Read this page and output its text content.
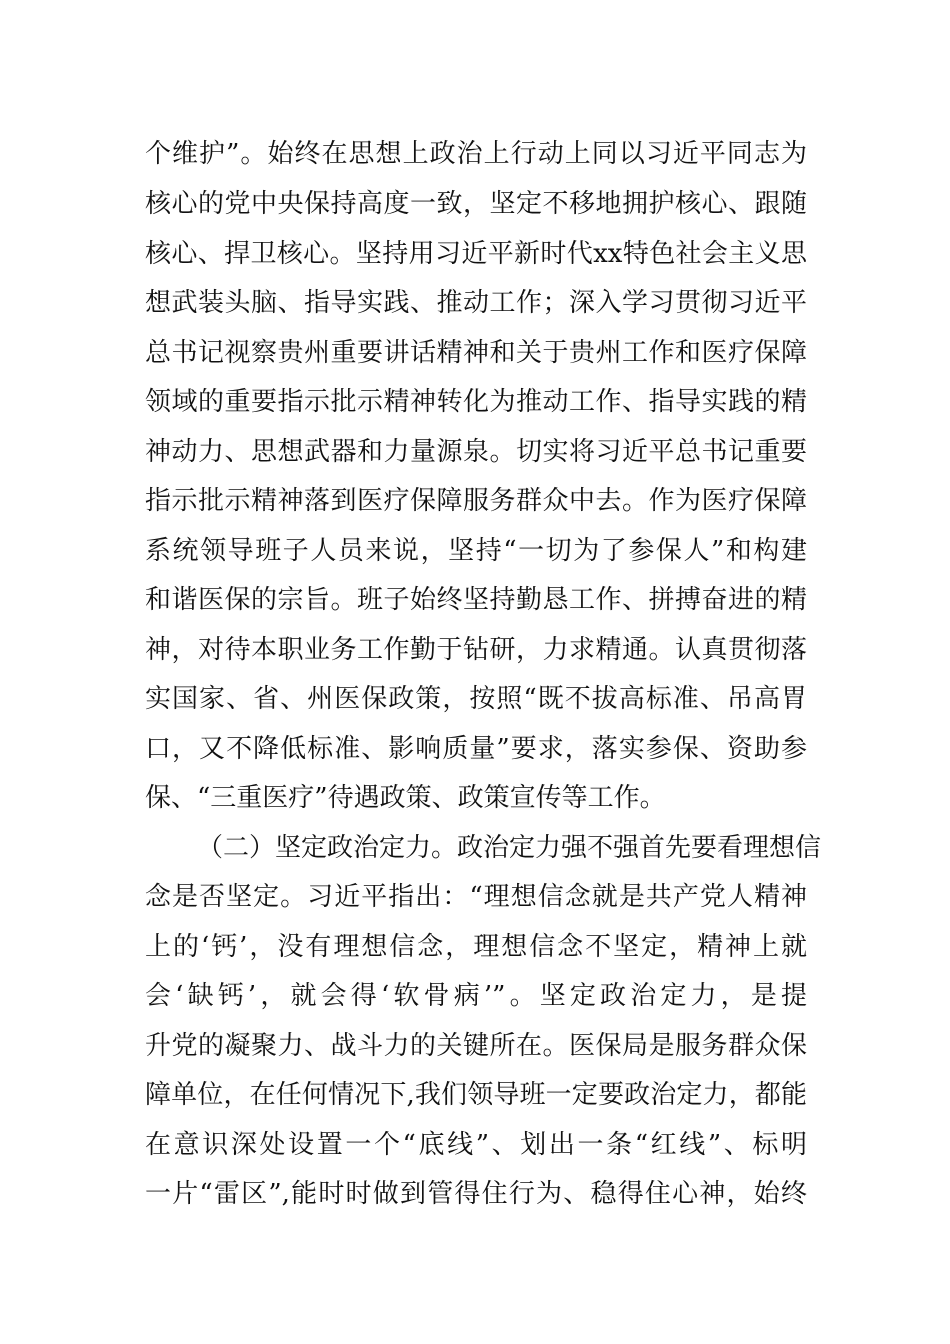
个维护”。始终在思想上政治上行动上同以习近平同志为
核心的党中央保持高度一致，坚定不移地拥护核心、跟随
核心、捍卫核心。坚持用习近平新时代xx特色社会主义思
想武装头脑、指导实践、推动工作；深入学习贯彻习近平
总书记视察贵州重要讲话精神和关于贵州工作和医疗保障
领域的重要指示批示精神转化为推动工作、指导实践的精
神动力、思想武器和力量源泉。切实将习近平总书记重要
指示批示精神落到医疗保障服务群众中去。作为医疗保障
系统领导班子人员来说，坚持“一切为了参保人”和构建
和谐医保的宗旨。班子始终坚持勤恳工作、拼搏奋进的精
神，对待本职业务工作勤于钻研，力求精通。认真贯彻落
实国家、省、州医保政策，按照“既不拔高标准、吊高胃
口，又不降低标准、影响质量”要求，落实参保、资助参
保、“三重医疗”待遇政策、政策宣传等工作。
（二）坚定政治定力。政治定力强不强首先要看理想信
念是否坚定。习近平指出：“理想信念就是共产党人精神
上的‘钙’，没有理想信念，理想信念不坚定，精神上就
会‘缺钙’，就会得‘软骨病’”。坚定政治定力，是提
升党的凝聚力、战斗力的关键所在。医保局是服务群众保
障单位，在任何情况下,我们领导班一定要政治定力，都能
在意识深处设置一个“底线”、划出一条“红线”、标明
一片“雷区”,能时时做到管得住行为、稳得住心神，始终
